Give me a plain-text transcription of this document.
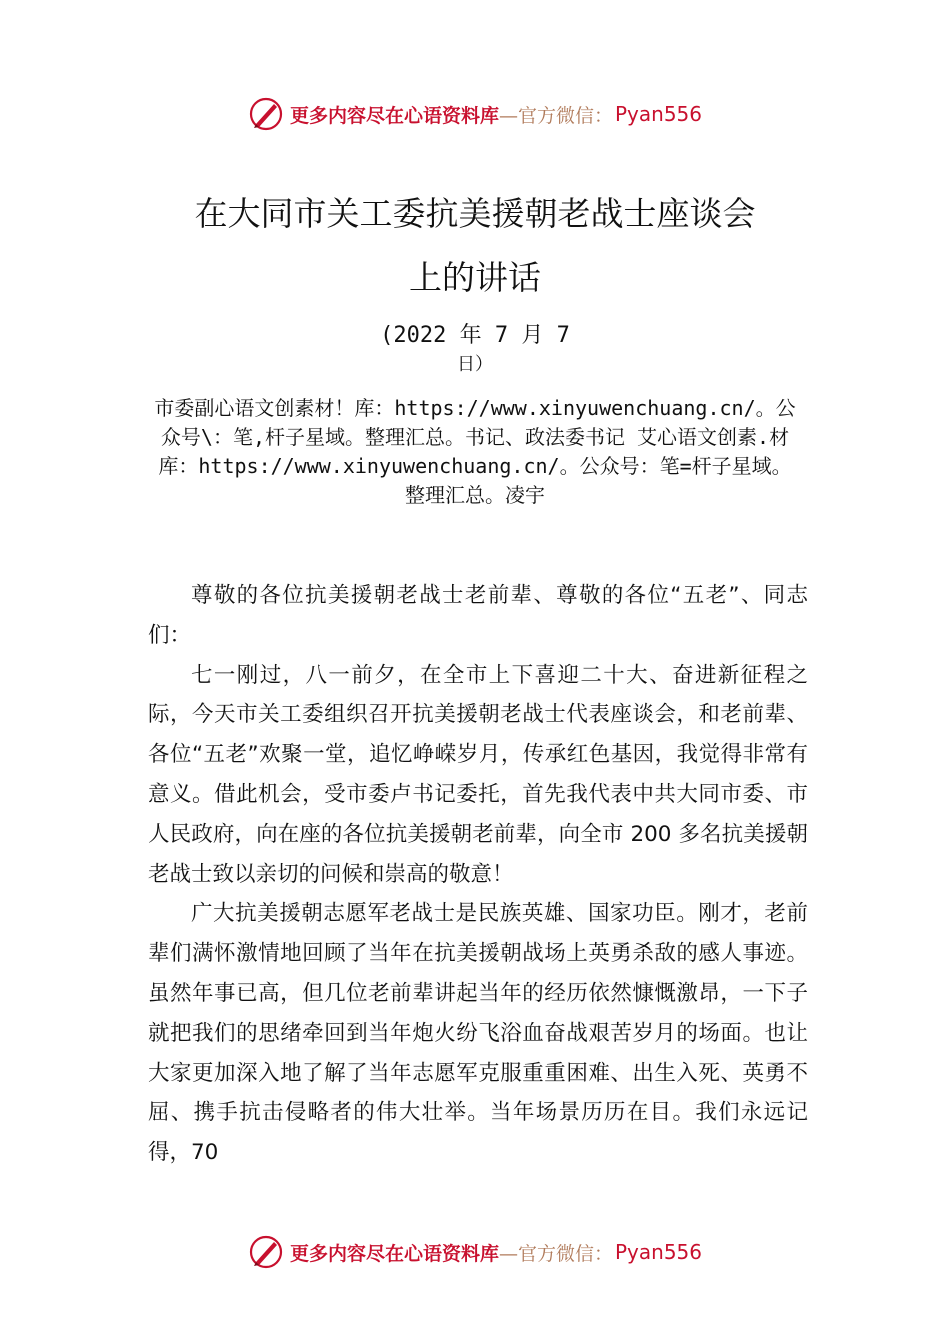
更多内容尽在心语资料库 —官方微信： Pyan556
在大同市关工委抗美援朝老战士座谈会
上的讲话
(2022 年 7 月 7
日）
市委副心语文创素材！库：https://www.xinyuwenchuang.cn/。公众号\：笔,杆子星域。整理汇总。书记、政法委书记 艾心语文创素.材库：https://www.xinyuwenchuang.cn/。公众号：笔=杆子星域。整理汇总。凌宇

尊敬的各位抗美援朝老战士老前辈、尊敬的各位“五老”、同志们：

七一刚过，八一前夕，在全市上下喜迎二十大、奋进新征程之际，今天市关工委组织召开抗美援朝老战士代表座谈会，和老前辈、各位“五老”欢聚一堂，追忆峥嵘岁月，传承红色基因，我觉得非常有意义。借此机会，受市委卢书记委托，首先我代表中共大同市委、市人民政府，向在座的各位抗美援朝老前辈，向全市 200 多名抗美援朝老战士致以亲切的问候和崇高的敬意！

广大抗美援朝志愿军老战士是民族英雄、国家功臣。刚才，老前辈们满怀激情地回顾了当年在抗美援朝战场上英勇杀敌的感人事迹。虽然年事已高，但几位老前辈讲起当年的经历依然慷慨激昂，一下子就把我们的思绪牵回到当年炮火纷飞浴血奋战艰苦岁月的场面。也让大家更加深入地了解了当年志愿军克服重重困难、出生入死、英勇不屈、携手抗击侵略者的伟大壮举。当年场景历历在目。我们永远记得，70

更多内容尽在心语资料库 —官方微信： Pyan556
